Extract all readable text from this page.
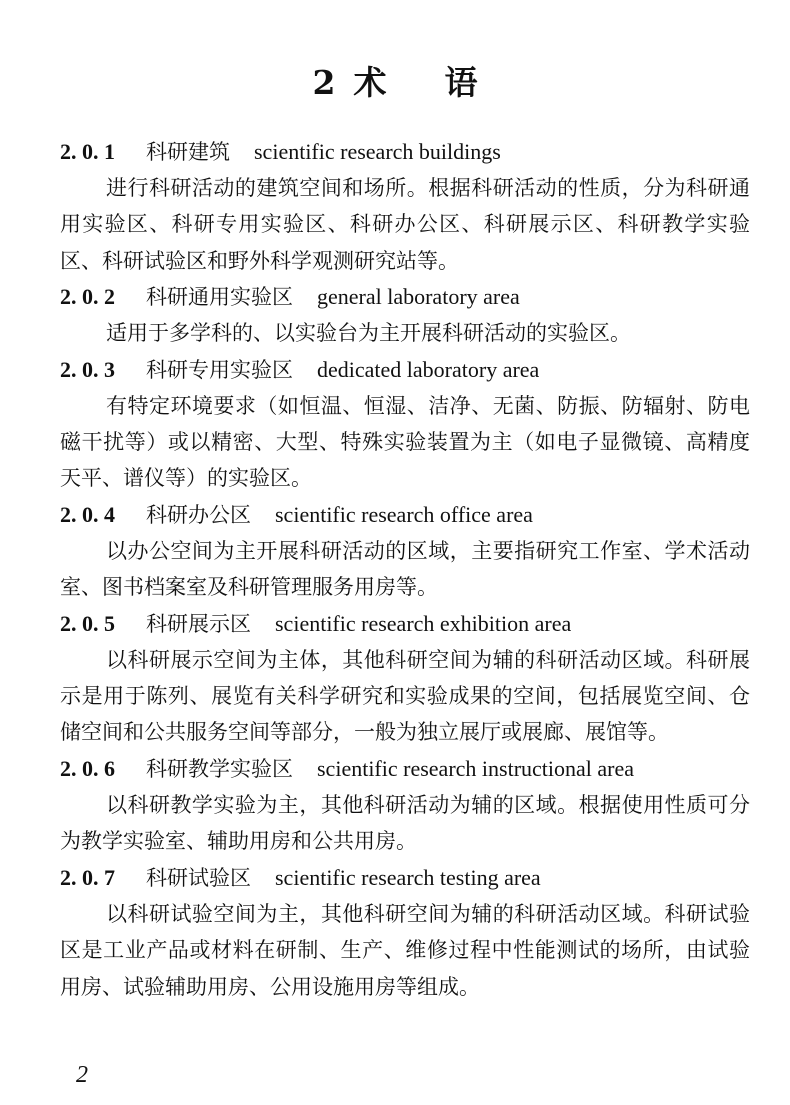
2 术 语
2. 0. 1 科研建筑 scientific research buildings

进行科研活动的建筑空间和场所。根据科研活动的性质，分为科研通用实验区、科研专用实验区、科研办公区、科研展示区、科研教学实验区、科研试验区和野外科学观测研究站等。

2. 0. 2 科研通用实验区 general laboratory area

适用于多学科的、以实验台为主开展科研活动的实验区。

2. 0. 3 科研专用实验区 dedicated laboratory area

有特定环境要求（如恒温、恒湿、洁净、无菌、防振、防辐射、防电磁干扰等）或以精密、大型、特殊实验装置为主（如电子显微镜、高精度天平、谱仪等）的实验区。

2. 0. 4 科研办公区 scientific research office area

以办公空间为主开展科研活动的区域，主要指研究工作室、学术活动室、图书档案室及科研管理服务用房等。

2. 0. 5 科研展示区 scientific research exhibition area

以科研展示空间为主体，其他科研空间为辅的科研活动区域。科研展示是用于陈列、展览有关科学研究和实验成果的空间，包括展览空间、仓储空间和公共服务空间等部分，一般为独立展厅或展廊、展馆等。

2. 0. 6 科研教学实验区 scientific research instructional area

以科研教学实验为主，其他科研活动为辅的区域。根据使用性质可分为教学实验室、辅助用房和公共用房。

2. 0. 7 科研试验区 scientific research testing area

以科研试验空间为主，其他科研空间为辅的科研活动区域。科研试验区是工业产品或材料在研制、生产、维修过程中性能测试的场所，由试验用房、试验辅助用房、公用设施用房等组成。

2
